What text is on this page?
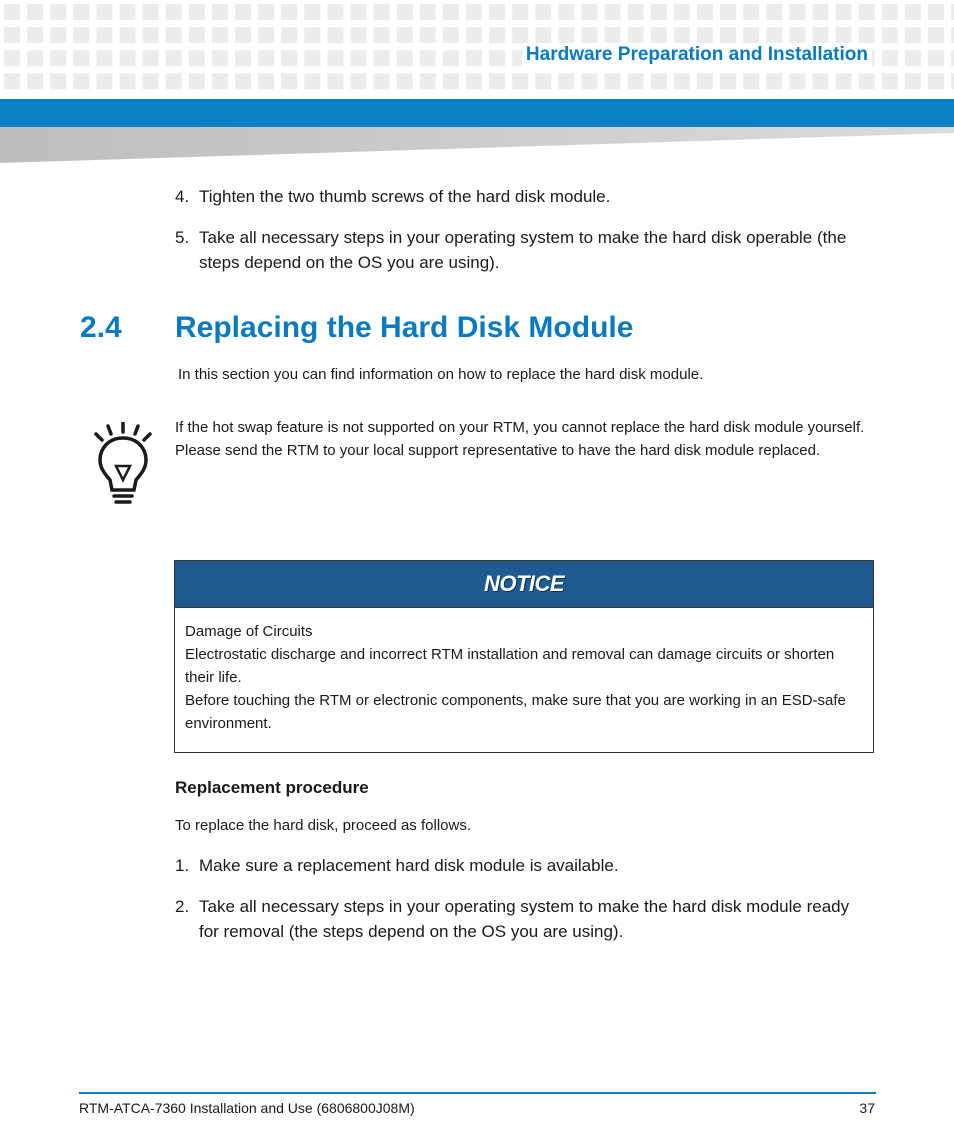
Hardware Preparation and Installation
4. Tighten the two thumb screws of the hard disk module.
5. Take all necessary steps in your operating system to make the hard disk operable (the steps depend on the OS you are using).
2.4 Replacing the Hard Disk Module
In this section you can find information on how to replace the hard disk module.
If the hot swap feature is not supported on your RTM, you cannot replace the hard disk module yourself. Please send the RTM to your local support representative to have the hard disk module replaced.
NOTICE
Damage of Circuits
Electrostatic discharge and incorrect RTM installation and removal can damage circuits or shorten their life.
Before touching the RTM or electronic components, make sure that you are working in an ESD-safe environment.
Replacement procedure
To replace the hard disk, proceed as follows.
1. Make sure a replacement hard disk module is available.
2. Take all necessary steps in your operating system to make the hard disk module ready for removal (the steps depend on the OS you are using).
RTM-ATCA-7360 Installation and Use (6806800J08M)	37
